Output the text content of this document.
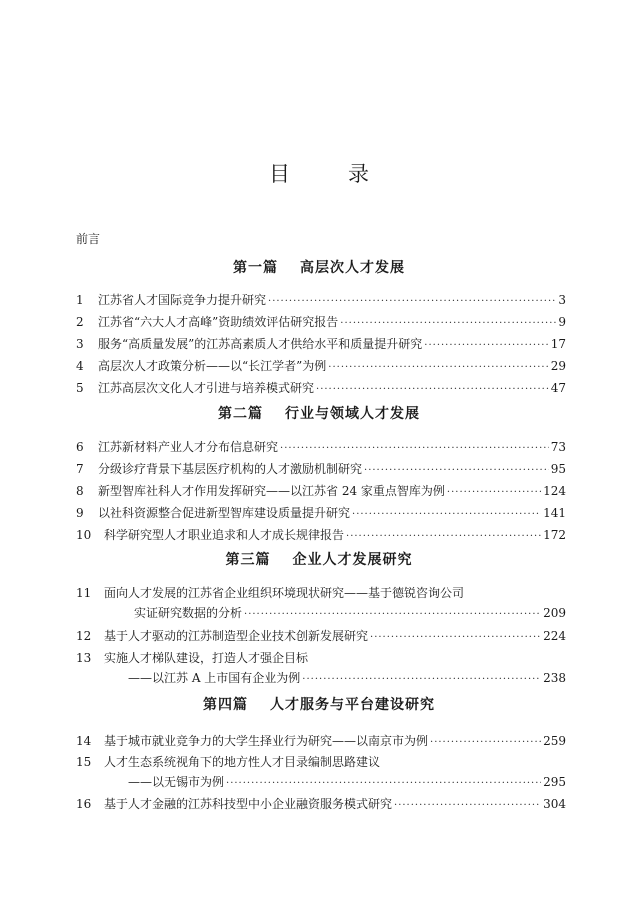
目	录
前言
第一篇 高层次人才发展
1	江苏省人才国际竞争力提升研究 ·····	3
2	江苏省“六大人才高峰”资助绩效评估研究报告 ·····	9
3	服务“高质量发展”的江苏高素质人才供给水平和质量提升研究 ·····	17
4	高层次人才政策分析——以“长江学者”为例 ·····	29
5	江苏高层次文化人才引进与培养模式研究 ·····	47
第二篇 行业与领域人才发展
6	江苏新材料产业人才分布信息研究 ·····	73
7	分级诊疗背景下基层医疗机构的人才激励机制研究 ·····	95
8	新型智库社科人才作用发挥研究——以江苏省 24 家重点智库为例 ·····	124
9	以社科资源整合促进新型智库建设质量提升研究 ·····	141
10	科学研究型人才职业追求和人才成长规律报告 ·····	172
第三篇 企业人才发展研究
11	面向人才发展的江苏省企业组织环境现状研究——基于德锐咨询公司
实证研究数据的分析 ·····	209
12	基于人才驱动的江苏制造型企业技术创新发展研究 ·····	224
13	实施人才梯队建设，打造人才强企目标
——以江苏 A 上市国有企业为例 ·····	238
第四篇 人才服务与平台建设研究
14	基于城市就业竞争力的大学生择业行为研究——以南京市为例 ·····	259
15	人才生态系统视角下的地方性人才目录编制思路建议
——以无锡市为例 ·····	295
16	基于人才金融的江苏科技型中小企业融资服务模式研究 ·····	304
